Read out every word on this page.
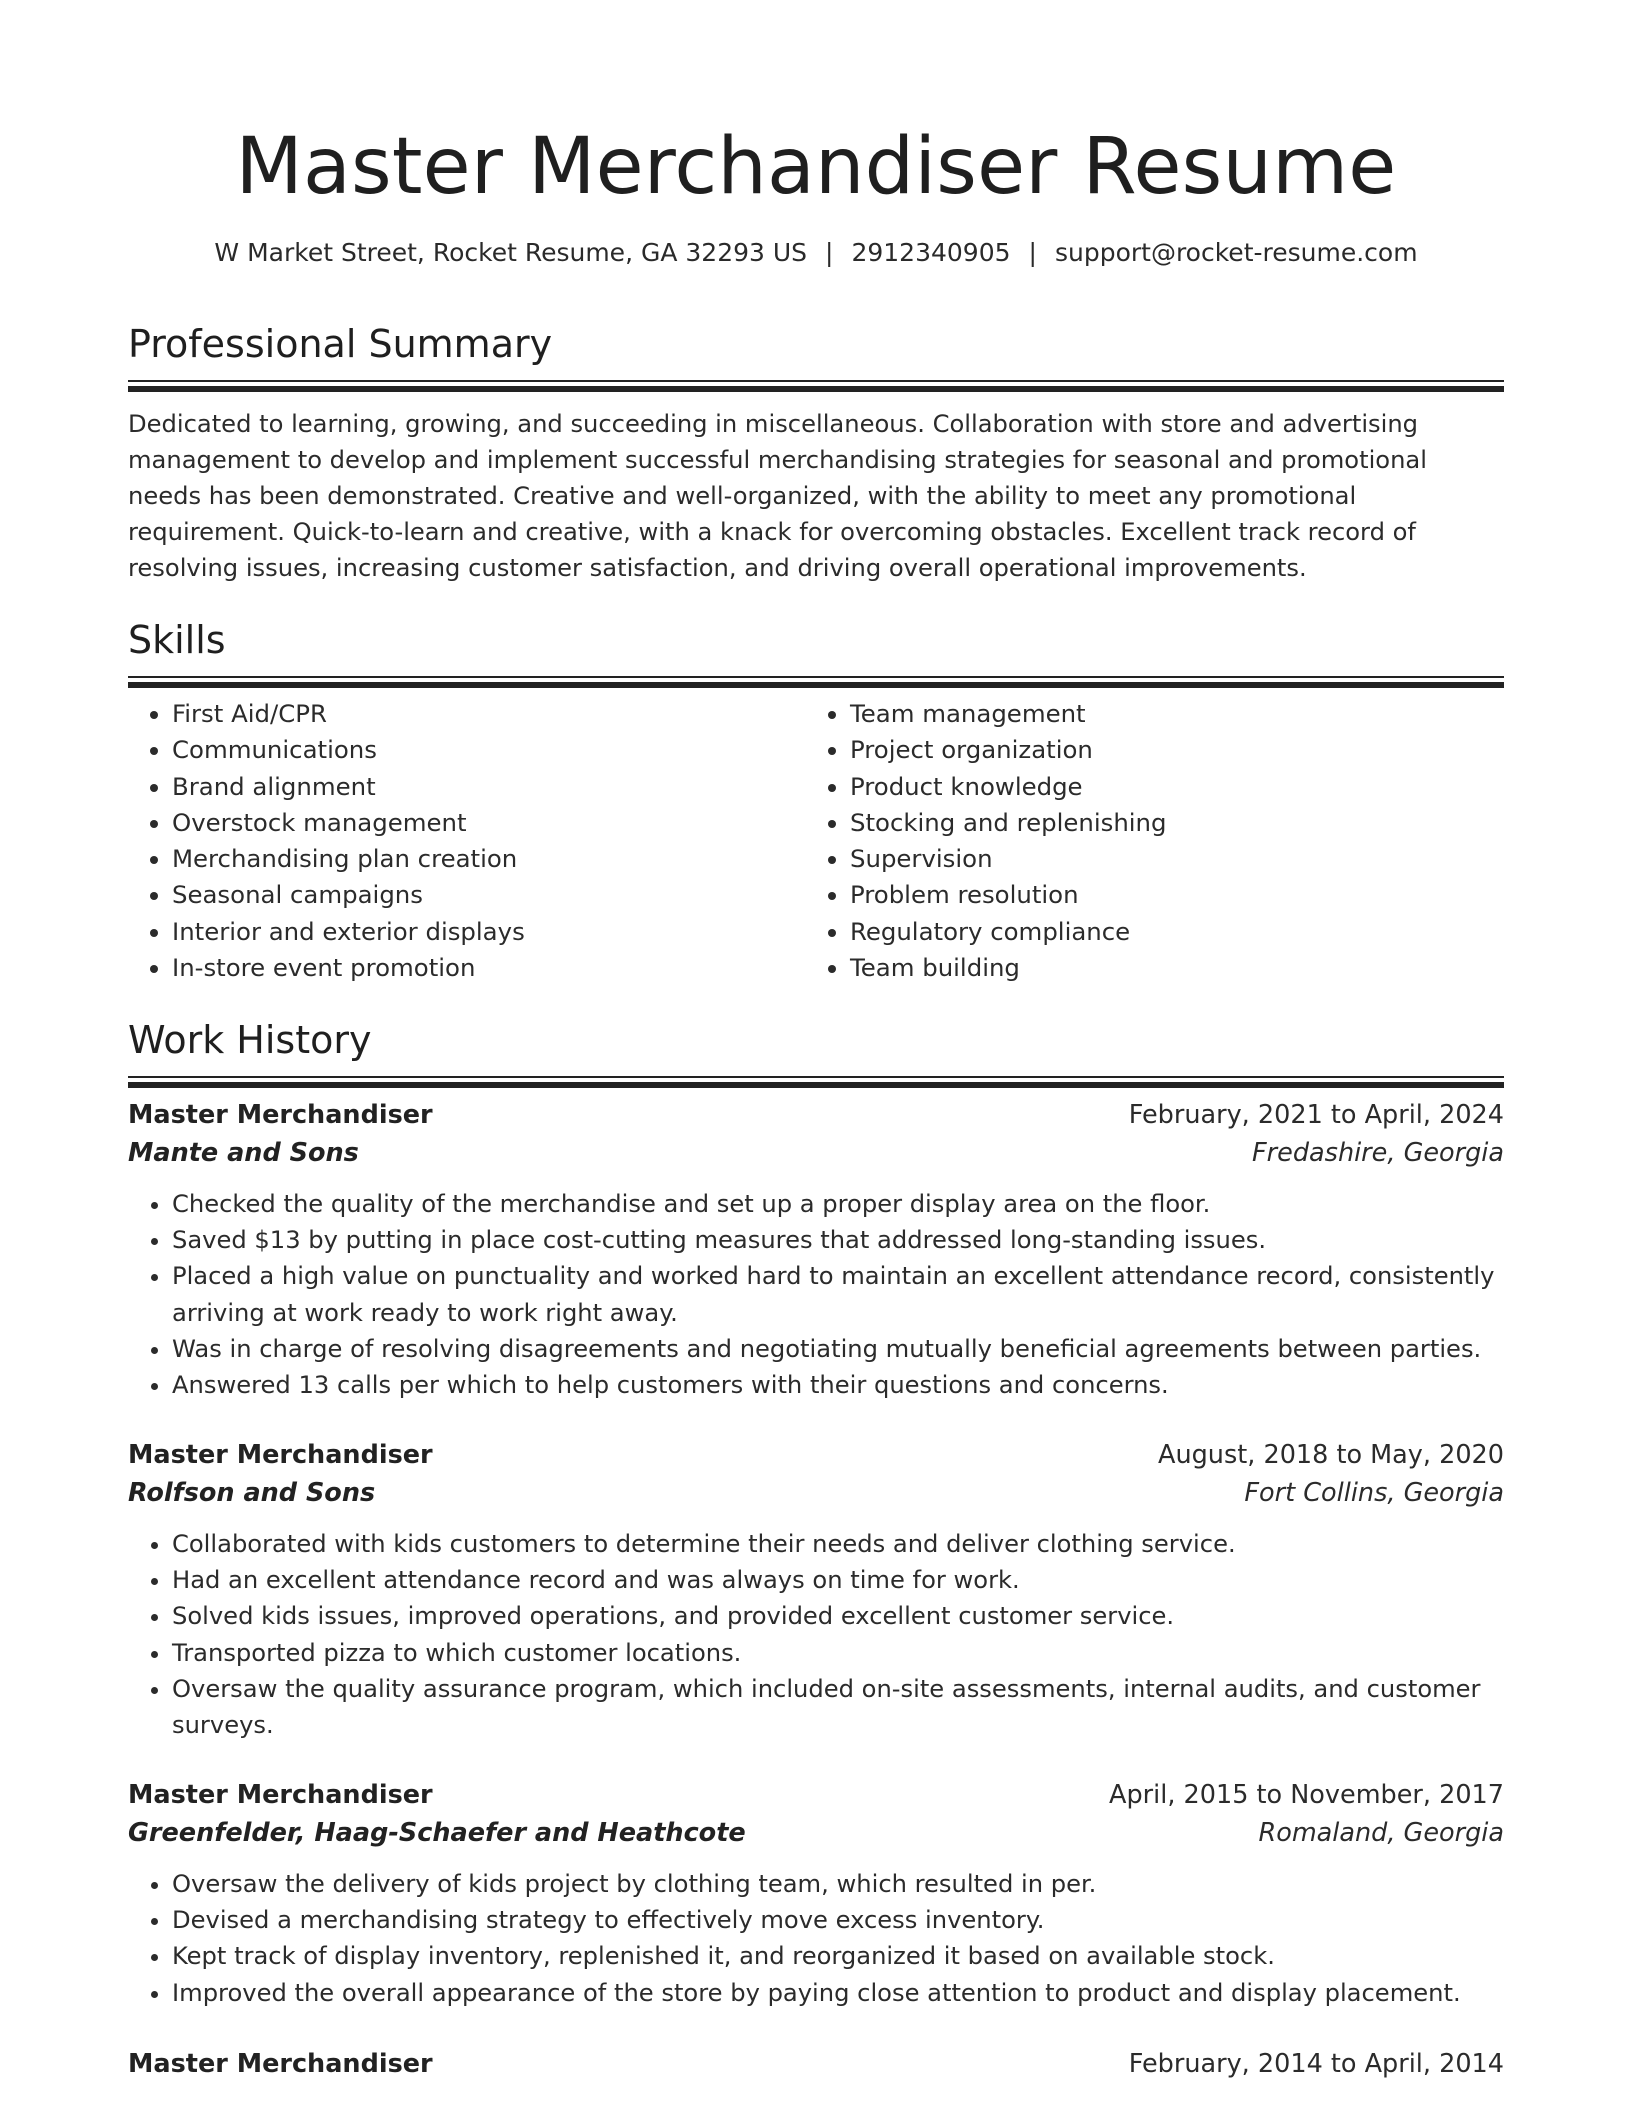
Master Merchandiser Resume
W Market Street, Rocket Resume, GA 32293 US | 2912340905 | support@rocket-resume.com
Professional Summary

Dedicated to learning, growing, and succeeding in miscellaneous. Collaboration with store and advertising management to develop and implement successful merchandising strategies for seasonal and promotional needs has been demonstrated. Creative and well-organized, with the ability to meet any promotional requirement. Quick-to-learn and creative, with a knack for overcoming obstacles. Excellent track record of resolving issues, increasing customer satisfaction, and driving overall operational improvements.

Skills
• First Aid/CPR
• Communications
• Brand alignment
• Overstock management
• Merchandising plan creation
• Seasonal campaigns
• Interior and exterior displays
• In-store event promotion
• Team management
• Project organization
• Product knowledge
• Stocking and replenishing
• Supervision
• Problem resolution
• Regulatory compliance
• Team building
Work History
Master Merchandiser	February, 2021 to April, 2024
Mante and Sons	Fredashire, Georgia
• Checked the quality of the merchandise and set up a proper display area on the floor.
• Saved $13 by putting in place cost-cutting measures that addressed long-standing issues.
• Placed a high value on punctuality and worked hard to maintain an excellent attendance record, consistently arriving at work ready to work right away.
• Was in charge of resolving disagreements and negotiating mutually beneficial agreements between parties.
• Answered 13 calls per which to help customers with their questions and concerns.
Master Merchandiser	August, 2018 to May, 2020
Rolfson and Sons	Fort Collins, Georgia
• Collaborated with kids customers to determine their needs and deliver clothing service.
• Had an excellent attendance record and was always on time for work.
• Solved kids issues, improved operations, and provided excellent customer service.
• Transported pizza to which customer locations.
• Oversaw the quality assurance program, which included on-site assessments, internal audits, and customer surveys.
Master Merchandiser	April, 2015 to November, 2017
Greenfelder, Haag-Schaefer and Heathcote	Romaland, Georgia
• Oversaw the delivery of kids project by clothing team, which resulted in per.
• Devised a merchandising strategy to effectively move excess inventory.
• Kept track of display inventory, replenished it, and reorganized it based on available stock.
• Improved the overall appearance of the store by paying close attention to product and display placement.
Master Merchandiser	February, 2014 to April, 2014
